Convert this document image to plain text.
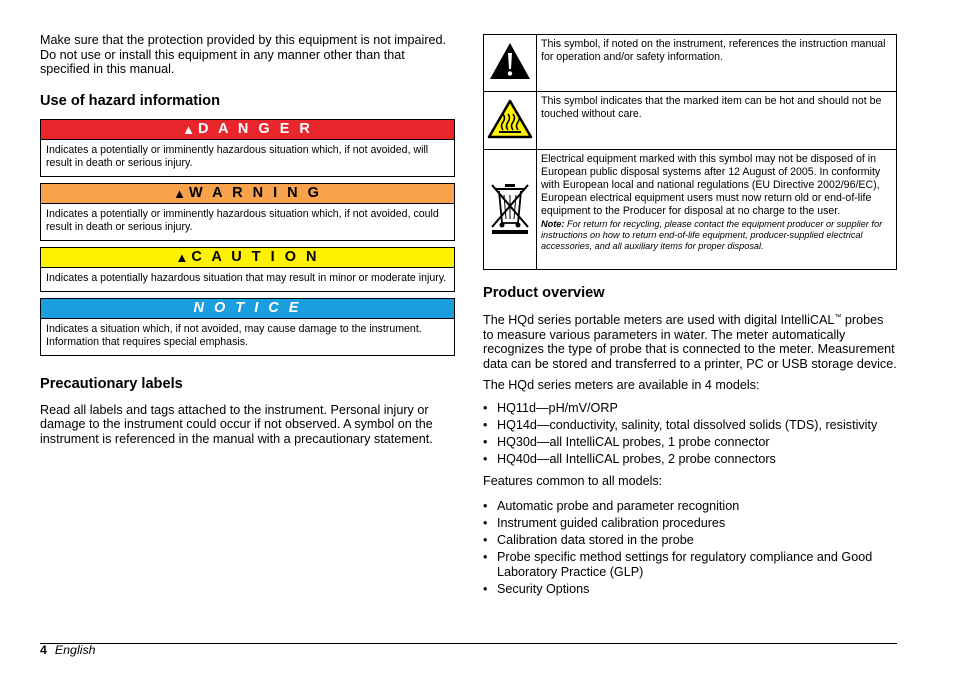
Make sure that the protection provided by this equipment is not impaired. Do not use or install this equipment in any manner other than that specified in this manual.

Use of hazard information
▲ D A N G E R
Indicates a potentially or imminently hazardous situation which, if not avoided, will result in death or serious injury.
▲ W A R N I N G
Indicates a potentially or imminently hazardous situation which, if not avoided, could result in death or serious injury.
▲ C A U T I O N
Indicates a potentially hazardous situation that may result in minor or moderate injury.
N O T I C E
Indicates a situation which, if not avoided, may cause damage to the instrument. Information that requires special emphasis.
Precautionary labels

Read all labels and tags attached to the instrument. Personal injury or damage to the instrument could occur if not observed. A symbol on the instrument is referenced in the manual with a precautionary statement.

	This symbol, if noted on the instrument, references the instruction manual for operation and/or safety information.
	This symbol indicates that the marked item can be hot and should not be touched without care.
	Electrical equipment marked with this symbol may not be disposed of in European public disposal systems after 12 August of 2005. In conformity with European local and national regulations (EU Directive 2002/96/EC), European electrical equipment users must now return old or end-of-life equipment to the Producer for disposal at no charge to the user.
Note: For return for recycling, please contact the equipment producer or supplier for instructions on how to return end-of-life equipment, producer-supplied electrical accessories, and all auxiliary items for proper disposal.
Product overview

The HQd series portable meters are used with digital IntelliCAL™ probes to measure various parameters in water. The meter automatically recognizes the type of probe that is connected to the meter. Measurement data can be stored and transferred to a printer, PC or USB storage device.

The HQd series meters are available in 4 models:

• HQ11d—pH/mV/ORP
• HQ14d—conductivity, salinity, total dissolved solids (TDS), resistivity
• HQ30d—all IntelliCAL probes, 1 probe connector
• HQ40d—all IntelliCAL probes, 2 probe connectors

Features common to all models:

• Automatic probe and parameter recognition
• Instrument guided calibration procedures
• Calibration data stored in the probe
• Probe specific method settings for regulatory compliance and Good Laboratory Practice (GLP)
• Security Options
4 English
